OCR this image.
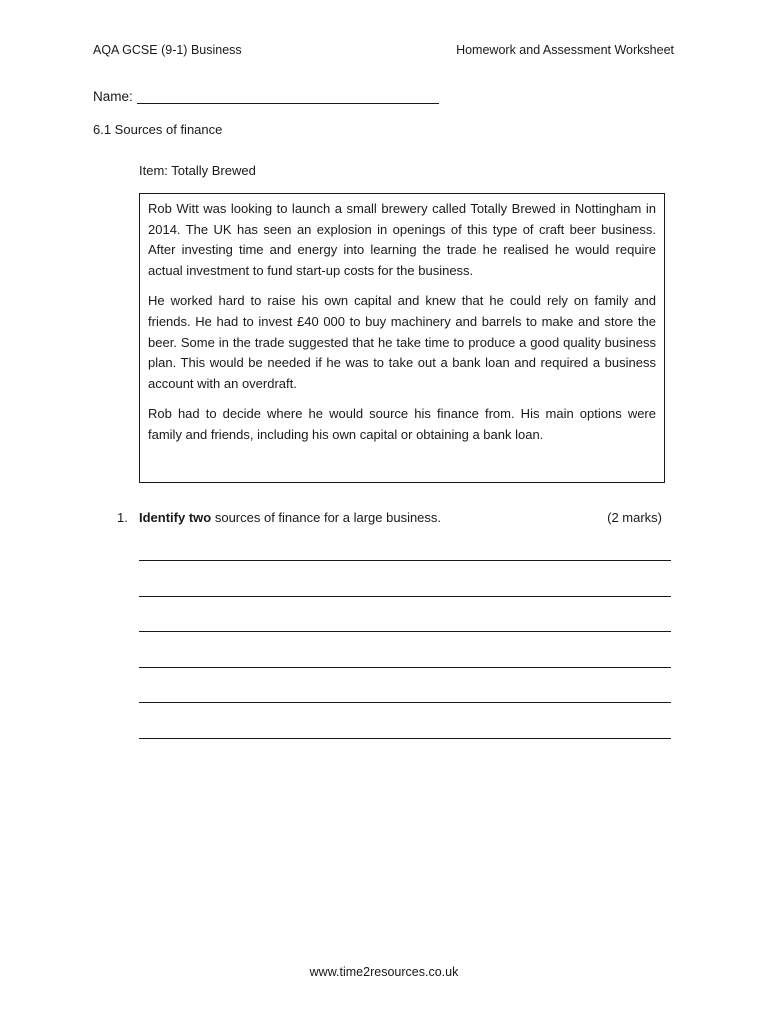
AQA GCSE (9-1) Business	Homework and Assessment Worksheet
Name:
6.1 Sources of finance
Item: Totally Brewed

Rob Witt was looking to launch a small brewery called Totally Brewed in Nottingham in 2014. The UK has seen an explosion in openings of this type of craft beer business. After investing time and energy into learning the trade he realised he would require actual investment to fund start-up costs for the business.

He worked hard to raise his own capital and knew that he could rely on family and friends. He had to invest £40 000 to buy machinery and barrels to make and store the beer. Some in the trade suggested that he take time to produce a good quality business plan. This would be needed if he was to take out a bank loan and required a business account with an overdraft.

Rob had to decide where he would source his finance from. His main options were family and friends, including his own capital or obtaining a bank loan.

1. Identify two sources of finance for a large business.	(2 marks)
www.time2resources.co.uk
